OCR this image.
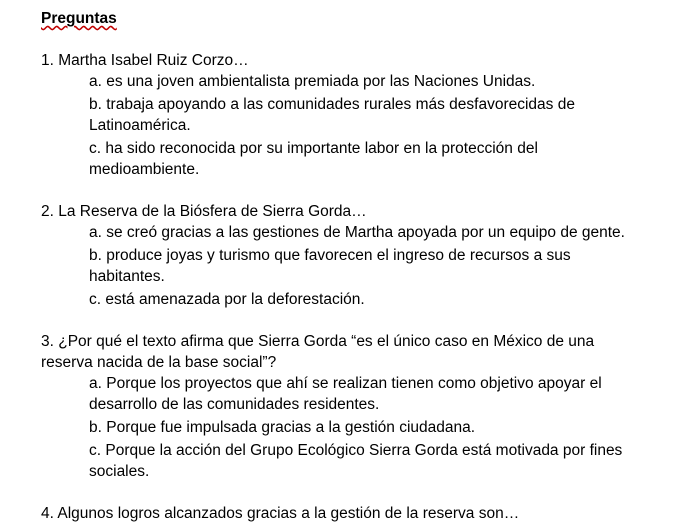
Preguntas
1. Martha Isabel Ruiz Corzo…
a. es una joven ambientalista premiada por las Naciones Unidas.
b. trabaja apoyando a las comunidades rurales más desfavorecidas de Latinoamérica.
c. ha sido reconocida por su importante labor en la protección del medioambiente.
2. La Reserva de la Biósfera de Sierra Gorda…
a. se creó gracias a las gestiones de Martha apoyada por un equipo de gente.
b. produce joyas y turismo que favorecen el ingreso de recursos a sus habitantes.
c. está amenazada por la deforestación.
3. ¿Por qué el texto afirma que Sierra Gorda “es el único caso en México de una reserva nacida de la base social”?
a. Porque los proyectos que ahí se realizan tienen como objetivo apoyar el desarrollo de las comunidades residentes.
b. Porque fue impulsada gracias a la gestión ciudadana.
c. Porque la acción del Grupo Ecológico Sierra Gorda está motivada por fines sociales.
4. Algunos logros alcanzados gracias a la gestión de la reserva son…
